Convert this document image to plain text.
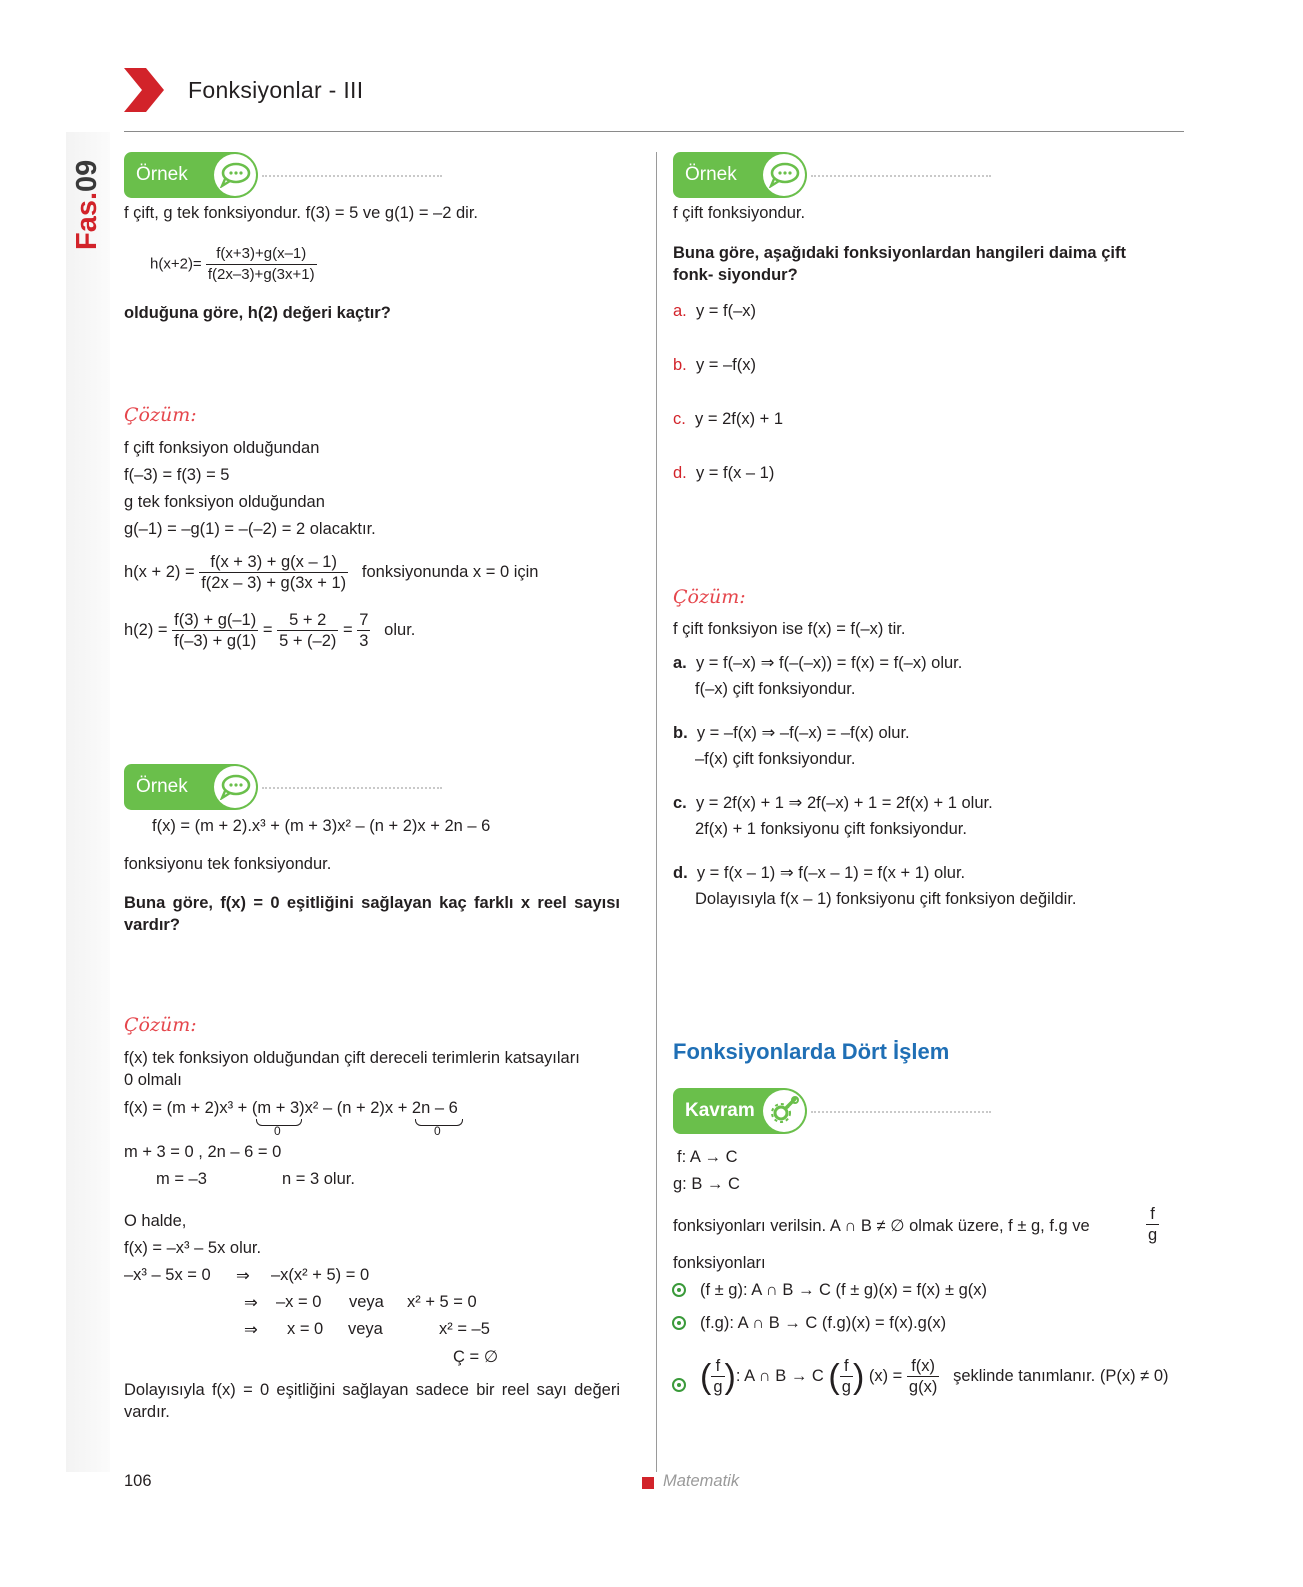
Fonksiyonlar - III
Fas.
09 Örnek
f çift, g tek fonksiyondur. f(3) = 5 ve g(1) = –2 dir.
$h(x+2)= \frac{f(x+3)+g(x-1)}{f(2x-3)+g(3x+1)}$
olduğuna göre, h(2) değeri kaçtır?
Çözüm:
f çift fonksiyon olduğundan
f(–3) = f(3) = 5
g tek fonksiyon olduğundan
g(–1) = –g(1) = –(–2) = 2 olacaktır.
$h(x + 2) = \frac{f(x + 3) + g(x - 1)}{f(2x - 3) + g(3x + 1)}$ fonksiyonunda x = 0 için
$h(2) = \frac{f(3) + g(-1)}{f(-3) + g(1)} = \frac{5 + 2}{5 + (-2)} = \frac{7}{3}$ olur.
Örnek
f(x) = (m + 2).x³ + (m + 3)x² – (n + 2)x + 2n – 6
fonksiyonu tek fonksiyondur.
Buna göre, f(x) = 0 eşitliğini sağlayan kaç farklı x reel sayısı vardır?
Çözüm:
f(x) tek fonksiyon olduğundan çift dereceli terimlerin katsayıları
0 olmalı
f(x) = (m + 2)x³ + (m + 3)x² – (n + 2)x + 2n – 6
0	0
m + 3 = 0 , 2n – 6 = 0
m = –3	n = 3 olur.
O halde,
f(x) = –x³ – 5x olur.
–x³ – 5x = 0 ⇒ –x(x² + 5) = 0
⇒ –x = 0 veya x² + 5 = 0
⇒ x = 0 veya	x² = –5
Ç = ∅
Dolayısıyla f(x) = 0 eşitliğini sağlayan sadece bir reel sayı değeri vardır.
Örnek
f çift fonksiyondur.
Buna göre, aşağıdaki fonksiyonlardan hangileri daima çift fonk- siyondur?
a. y = f(–x)
b. y = –f(x)
c. y = 2f(x) + 1
d. y = f(x – 1)
Çözüm:
f çift fonksiyon ise f(x) = f(–x) tir.
a. y = f(–x) ⇒ f(–(–x)) = f(x) = f(–x) olur.
f(–x) çift fonksiyondur.
b. y = –f(x) ⇒ –f(–x) = –f(x) olur.
–f(x) çift fonksiyondur.
c. y = 2f(x) + 1 ⇒ 2f(–x) + 1 = 2f(x) + 1 olur.
2f(x) + 1 fonksiyonu çift fonksiyondur.
d. y = f(x – 1) ⇒ f(–x – 1) = f(x + 1) olur.
Dolayısıyla f(x – 1) fonksiyonu çift fonksiyon değildir.
Fonksiyonlarda Dört İşlem
Kavram
f: A → C
g: B → C
fonksiyonları verilsin. A ∩ B ≠ ∅ olmak üzere, f ± g, f.g ve	$\frac{f}{g}$
fonksiyonları
(f ± g): A ∩ B → C (f ± g)(x) = f(x) ± g(x)
(f.g): A ∩ B → C (f.g)(x) = f(x).g(x)
( $\frac{f}{g}$ ): A ∩ B → C ( $\frac{f}{g}$ ) $(x) = \frac{f(x)}{g(x)}$ şeklinde tanımlanır. (P(x) ≠ 0)
106	Matematik
